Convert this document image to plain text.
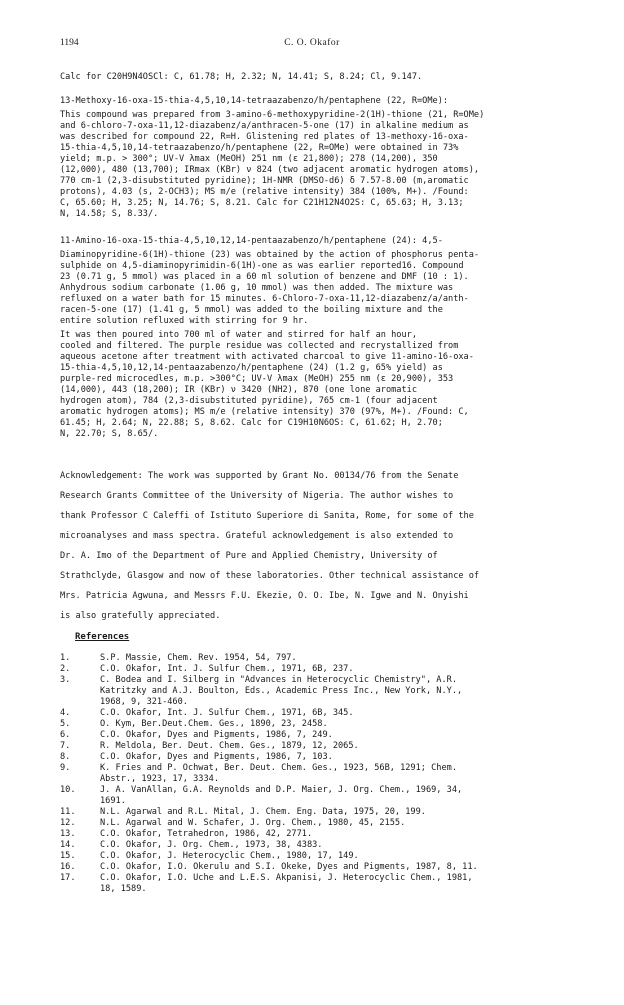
1194	C. O. Okafor
Calc for C20H9N4OSCl: C, 61.78; H, 2.32; N, 14.41; S, 8.24; Cl, 9.147.
13-Methoxy-16-oxa-15-thia-4,5,10,14-tetraazabenzo/h/pentaphene (22, R=OMe):
This compound was prepared from 3-amino-6-methoxypyridine-2(1H)-thione (21, R=OMe)
and 6-chloro-7-oxa-11,12-diazabenz/a/anthracen-5-one (17) in alkaline medium as
was described for compound 22, R=H. Glistening red plates of 13-methoxy-16-oxa-
15-thia-4,5,10,14-tetraazabenzo/h/pentaphene (22, R=OMe) were obtained in 73%
yield; m.p. > 300°; UV-V λmax (MeOH) 251 nm (ε 21,800); 278 (14,200), 350
(12,000), 480 (13,700); IRmax (KBr) ν 824 (two adjacent aromatic hydrogen atoms),
770 cm-1 (2,3-disubstituted pyridine); 1H-NMR (DMSO-d6) δ 7.57-8.00 (m,aromatic
protons), 4.03 (s, 2-OCH3); MS m/e (relative intensity) 384 (100%, M+). /Found:
C, 65.60; H, 3.25; N, 14.76; S, 8.21. Calc for C21H12N4O2S: C, 65.63; H, 3.13;
N, 14.58; S, 8.33/.
11-Amino-16-oxa-15-thia-4,5,10,12,14-pentaazabenzo/h/pentaphene (24): 4,5-
Diaminopyridine-6(1H)-thione (23) was obtained by the action of phosphorus penta-
sulphide on 4,5-diaminopyrimidin-6(1H)-one as was earlier reported16. Compound
23 (0.71 g, 5 mmol) was placed in a 60 ml solution of benzene and DMF (10 : 1).
Anhydrous sodium carbonate (1.06 g, 10 mmol) was then added. The mixture was
refluxed on a water bath for 15 minutes. 6-Chloro-7-oxa-11,12-diazabenz/a/anth-
racen-5-one (17) (1.41 g, 5 mmol) was added to the boiling mixture and the
entire solution refluxed with stirring for 9 hr.
It was then poured into 700 ml of water and stirred for half an hour,
cooled and filtered. The purple residue was collected and recrystallized from
aqueous acetone after treatment with activated charcoal to give 11-amino-16-oxa-
15-thia-4,5,10,12,14-pentaazabenzo/h/pentaphene (24) (1.2 g, 65% yield) as
purple-red microcedles, m.p. >300°C; UV-V λmax (MeOH) 255 nm (ε 20,900), 353
(14,000), 443 (18,200); IR (KBr) ν 3420 (NH2), 870 (one lone aromatic
hydrogen atom), 784 (2,3-disubstituted pyridine), 765 cm-1 (four adjacent
aromatic hydrogen atoms); MS m/e (relative intensity) 370 (97%, M+). /Found: C,
61.45; H, 2.64; N, 22.88; S, 8.62. Calc for C19H10N6OS: C, 61.62; H, 2.70;
N, 22.70; S, 8.65/.
Acknowledgement: The work was supported by Grant No. 00134/76 from the Senate
Research Grants Committee of the University of Nigeria. The author wishes to
thank Professor C Caleffi of Istituto Superiore di Sanita, Rome, for some of the
microanalyses and mass spectra. Grateful acknowledgement is also extended to
Dr. A. Imo of the Department of Pure and Applied Chemistry, University of
Strathclyde, Glasgow and now of these laboratories. Other technical assistance of
Mrs. Patricia Agwuna, and Messrs F.U. Ekezie, O. O. Ibe, N. Igwe and N. Onyishi
is also gratefully appreciated.
References
1.	S.P. Massie, Chem. Rev. 1954, 54, 797.
2.	C.O. Okafor, Int. J. Sulfur Chem., 1971, 6B, 237.
3.	C. Bodea and I. Silberg in "Advances in Heterocyclic Chemistry", A.R.
Katritzky and A.J. Boulton, Eds., Academic Press Inc., New York, N.Y.,
1968, 9, 321-460.
4.	C.O. Okafor, Int. J. Sulfur Chem., 1971, 6B, 345.
5.	O. Kym, Ber.Deut.Chem. Ges., 1890, 23, 2458.
6.	C.O. Okafor, Dyes and Pigments, 1986, 7, 249.
7.	R. Meldola, Ber. Deut. Chem. Ges., 1879, 12, 2065.
8.	C.O. Okafor, Dyes and Pigments, 1986, 7, 103.
9.	K. Fries and P. Ochwat, Ber. Deut. Chem. Ges., 1923, 56B, 1291; Chem.
Abstr., 1923, 17, 3334.
10.	J. A. VanAllan, G.A. Reynolds and D.P. Maier, J. Org. Chem., 1969, 34,
1691.
11.	N.L. Agarwal and R.L. Mital, J. Chem. Eng. Data, 1975, 20, 199.
12.	N.L. Agarwal and W. Schafer, J. Org. Chem., 1980, 45, 2155.
13.	C.O. Okafor, Tetrahedron, 1986, 42, 2771.
14.	C.O. Okafor, J. Org. Chem., 1973, 38, 4383.
15.	C.O. Okafor, J. Heterocyclic Chem., 1980, 17, 149.
16.	C.O. Okafor, I.O. Okerulu and S.I. Okeke, Dyes and Pigments, 1987, 8, 11.
17.	C.O. Okafor, I.O. Uche and L.E.S. Akpanisi, J. Heterocyclic Chem., 1981,
18, 1589.
